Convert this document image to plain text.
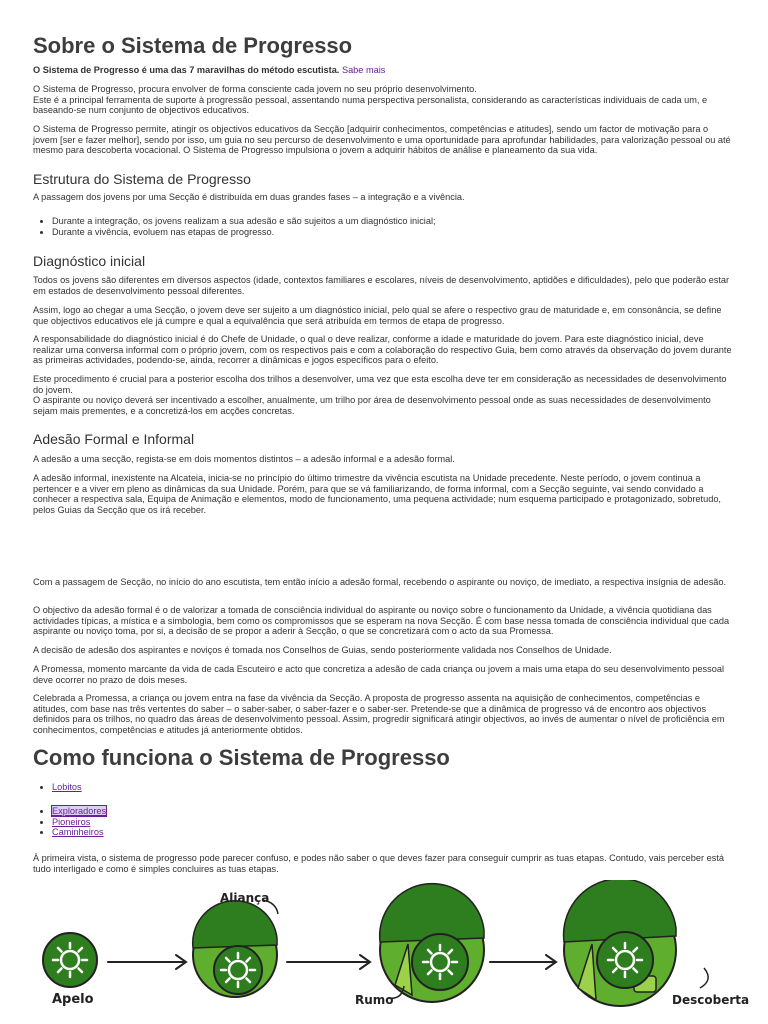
Sobre o Sistema de Progresso

O Sistema de Progresso é uma das 7 maravilhas do método escutista. Sabe mais

O Sistema de Progresso, procura envolver de forma consciente cada jovem no seu próprio desenvolvimento.
Este é a principal ferramenta de suporte à progressão pessoal, assentando numa perspectiva personalista, considerando as características individuais de cada um, e baseando-se num conjunto de objectivos educativos.

O Sistema de Progresso permite, atingir os objectivos educativos da Secção [adquirir conhecimentos, competências e atitudes], sendo um factor de motivação para o jovem [ser e fazer melhor], sendo por isso, um guia no seu percurso de desenvolvimento e uma oportunidade para aprofundar habilidades, para valorização pessoal ou até mesmo para descoberta vocacional. O Sistema de Progresso impulsiona o jovem a adquirir hábitos de análise e planeamento da sua vida.

Estrutura do Sistema de Progresso

A passagem dos jovens por uma Secção é distribuída em duas grandes fases – a integração e a vivência.

• Durante a integração, os jovens realizam a sua adesão e são sujeitos a um diagnóstico inicial;
• Durante a vivência, evoluem nas etapas de progresso.
Diagnóstico inicial

Todos os jovens são diferentes em diversos aspectos (idade, contextos familiares e escolares, níveis de desenvolvimento, aptidões e dificuldades), pelo que poderão estar em estados de desenvolvimento pessoal diferentes.

Assim, logo ao chegar a uma Secção, o jovem deve ser sujeito a um diagnóstico inicial, pelo qual se afere o respectivo grau de maturidade e, em consonância, se define que objectivos educativos ele já cumpre e qual a equivalência que será atribuída em termos de etapa de progresso.

A responsabilidade do diagnóstico inicial é do Chefe de Unidade, o qual o deve realizar, conforme a idade e maturidade do jovem. Para este diagnóstico inicial, deve realizar uma conversa informal com o próprio jovem, com os respectivos pais e com a colaboração do respectivo Guia, bem como através da observação do jovem durante as primeiras actividades, podendo-se, ainda, recorrer a dinâmicas e jogos específicos para o efeito.

Este procedimento é crucial para a posterior escolha dos trilhos a desenvolver, uma vez que esta escolha deve ter em consideração as necessidades de desenvolvimento do jovem.
O aspirante ou noviço deverá ser incentivado a escolher, anualmente, um trilho por área de desenvolvimento pessoal onde as suas necessidades de desenvolvimento sejam mais prementes, e a concretizá-los em acções concretas.

Adesão Formal e Informal

A adesão a uma secção, regista-se em dois momentos distintos – a adesão informal e a adesão formal.

A adesão informal, inexistente na Alcateia, inicia-se no princípio do último trimestre da vivência escutista na Unidade precedente. Neste período, o jovem continua a pertencer e a viver em pleno as dinâmicas da sua Unidade. Porém, para que se vá familiarizando, de forma informal, com a Secção seguinte, vai sendo convidado a conhecer a respectiva sala, Equipa de Animação e elementos, modo de funcionamento, uma pequena actividade; num esquema participado e protagonizado, sobretudo, pelos Guias da Secção que os irá receber.

Com a passagem de Secção, no início do ano escutista, tem então início a adesão formal, recebendo o aspirante ou noviço, de imediato, a respectiva insígnia de adesão.

O objectivo da adesão formal é o de valorizar a tomada de consciência individual do aspirante ou noviço sobre o funcionamento da Unidade, a vivência quotidiana das actividades típicas, a mística e a simbologia, bem como os compromissos que se esperam na nova Secção. É com base nessa tomada de consciência individual que cada aspirante ou noviço toma, por si, a decisão de se propor a aderir à Secção, o que se concretizará com o acto da sua Promessa.

A decisão de adesão dos aspirantes e noviços é tomada nos Conselhos de Guias, sendo posteriormente validada nos Conselhos de Unidade.

A Promessa, momento marcante da vida de cada Escuteiro e acto que concretiza a adesão de cada criança ou jovem a mais uma etapa do seu desenvolvimento pessoal deve ocorrer no prazo de dois meses.

Celebrada a Promessa, a criança ou jovem entra na fase da vivência da Secção. A proposta de progresso assenta na aquisição de conhecimentos, competências e atitudes, com base nas três vertentes do saber – o saber-saber, o saber-fazer e o saber-ser. Pretende-se que a dinâmica de progresso vá de encontro aos objectivos definidos para os trilhos, no quadro das áreas de desenvolvimento pessoal. Assim, progredir significará atingir objectivos, ao invés de aumentar o nível de proficiência em conhecimentos, competências e atitudes já anteriormente obtidos.

Como funciona o Sistema de Progresso
• Lobitos
• Exploradores
• Pioneiros
• Caminheiros

À primeira vista, o sistema de progresso pode parecer confuso, e podes não saber o que deves fazer para conseguir cumprir as tuas etapas. Contudo, vais perceber está tudo interligado e como é simples concluires as tuas etapas.

Apelo
Aliança
Rumo	Descoberta
